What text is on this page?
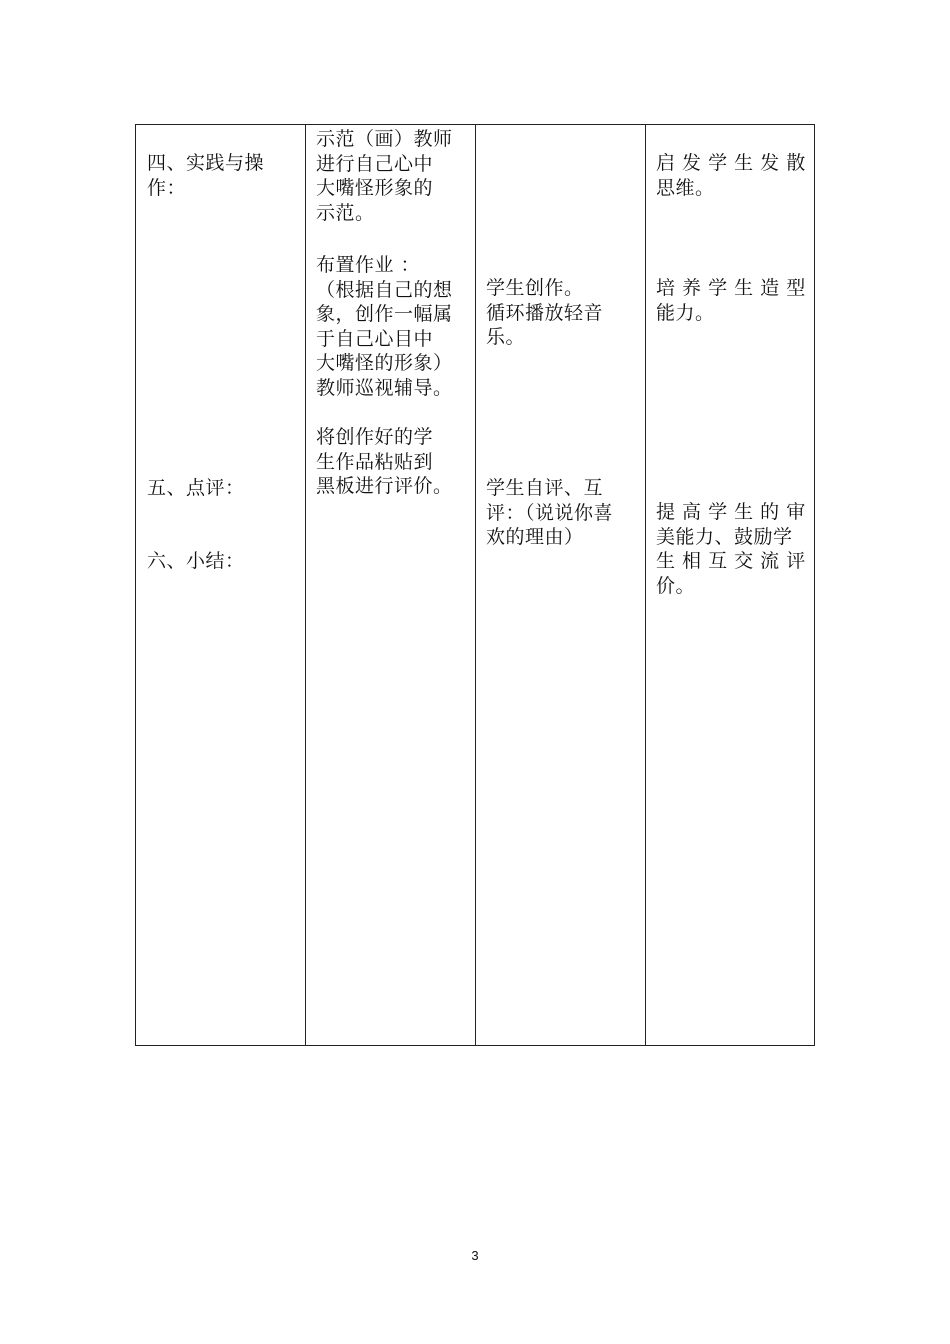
四、实践与操
作：
五、点评：
六、小结：
示范（画）教师
进行自己心中
大嘴怪形象的
示范。
布置作业 ：
（根据自己的想
象，创作一幅属
于自己心目中
大嘴怪的形象）
教师巡视辅导。
将创作好的学
生作品粘贴到
黑板进行评价。
学生创作。
循环播放轻音
乐。
学生自评、互
评：（说说你喜
欢的理由）
启 发 学 生 发 散
思维。
培 养 学 生 造 型
能力。
提 高 学 生 的 审
美能力、鼓励学
生 相 互 交 流 评
价。
3
